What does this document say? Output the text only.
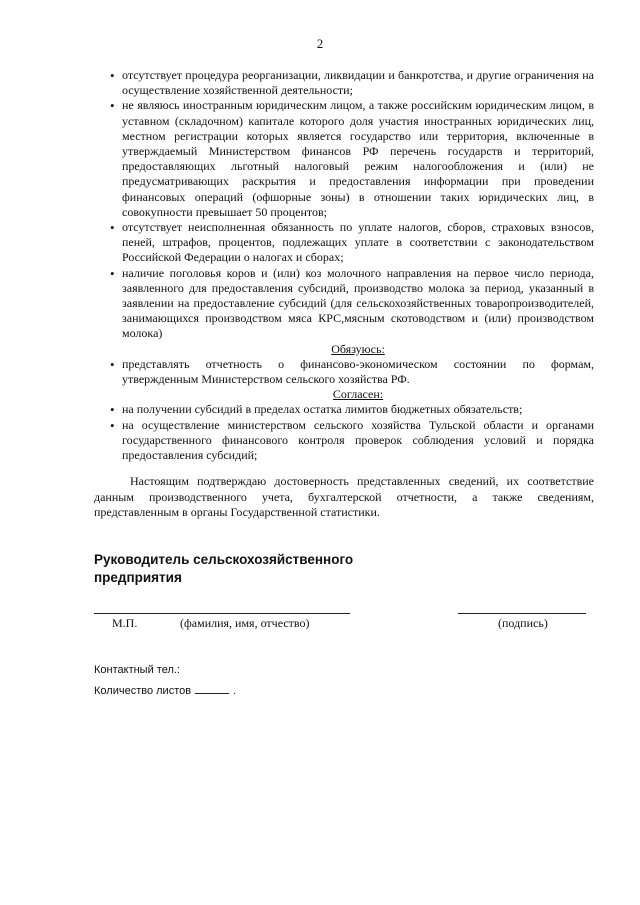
2
• отсутствует процедура реорганизации, ликвидации и банкротства, и другие ограничения на осуществление хозяйственной деятельности;
• не являюсь иностранным юридическим лицом, а также российским юридическим лицом, в уставном (складочном) капитале которого доля участия иностранных юридических лиц, местном регистрации которых является государство или территория, включенные в утверждаемый Министерством финансов РФ перечень государств и территорий, предоставляющих льготный налоговый режим налогообложения и (или) не предусматривающих раскрытия и предоставления информации при проведении финансовых операций (офшорные зоны) в отношении таких юридических лиц, в совокупности превышает 50 процентов;
• отсутствует неисполненная обязанность по уплате налогов, сборов, страховых взносов, пеней, штрафов, процентов, подлежащих уплате в соответствии с законодательством Российской Федерации о налогах и сборах;
• наличие поголовья коров и (или) коз молочного направления на первое число периода, заявленного для предоставления субсидий, производство молока за период, указанный в заявлении на предоставление субсидий (для сельскохозяйственных товаропроизводителей, занимающихся производством мяса КРС,мясным скотоводством и (или) производством молока)
Обязуюсь:
• представлять отчетность о финансово-экономическом состоянии по формам, утвержденным Министерством сельского хозяйства РФ.
Согласен:
• на получении субсидий в пределах остатка лимитов бюджетных обязательств;
• на осуществление министерством сельского хозяйства Тульской области и органами государственного финансового контроля проверок соблюдения условий и порядка предоставления субсидий;
Настоящим подтверждаю достоверность представленных сведений, их соответствие данным производственного учета, бухгалтерской отчетности, а также сведениям, представленным в органы Государственной статистики.
Руководитель сельскохозяйственного предприятия
М.П.	(фамилия, имя, отчество)	(подпись)
Контактный тел.:
Количество листов	.
